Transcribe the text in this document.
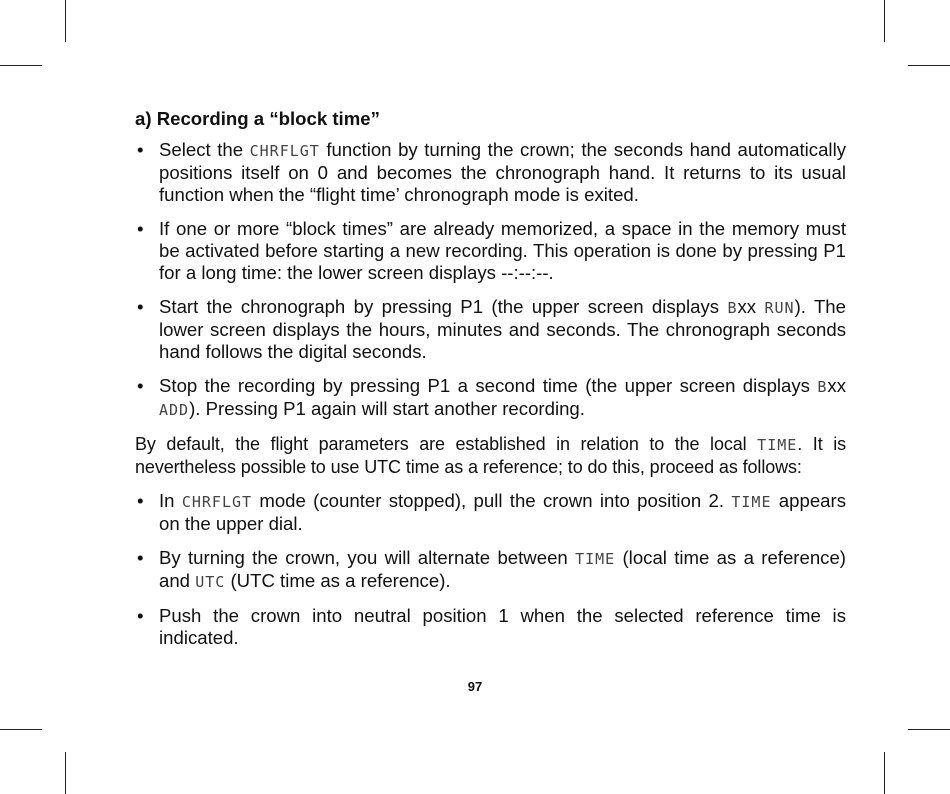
a) Recording a “block time”
• Select the CHRFLGT function by turning the crown; the seconds hand automatically positions itself on 0 and becomes the chronograph hand. It returns to its usual function when the “flight time’ chronograph mode is exited.
• If one or more “block times” are already memorized, a space in the memory must be activated before starting a new recording. This operation is done by pressing P1 for a long time: the lower screen displays --:--:--.
• Start the chronograph by pressing P1 (the upper screen displays Bxx RUN). The lower screen displays the hours, minutes and seconds. The chronograph seconds hand follows the digital seconds.
• Stop the recording by pressing P1 a second time (the upper screen displays Bxx ADD). Pressing P1 again will start another recording.

By default, the flight parameters are established in relation to the local TIME. It is nevertheless possible to use UTC time as a reference; to do this, proceed as follows:

• In CHRFLGT mode (counter stopped), pull the crown into position 2. TIME appears on the upper dial.
• By turning the crown, you will alternate between TIME (local time as a reference) and UTC (UTC time as a reference).
• Push the crown into neutral position 1 when the selected reference time is indicated.
97
